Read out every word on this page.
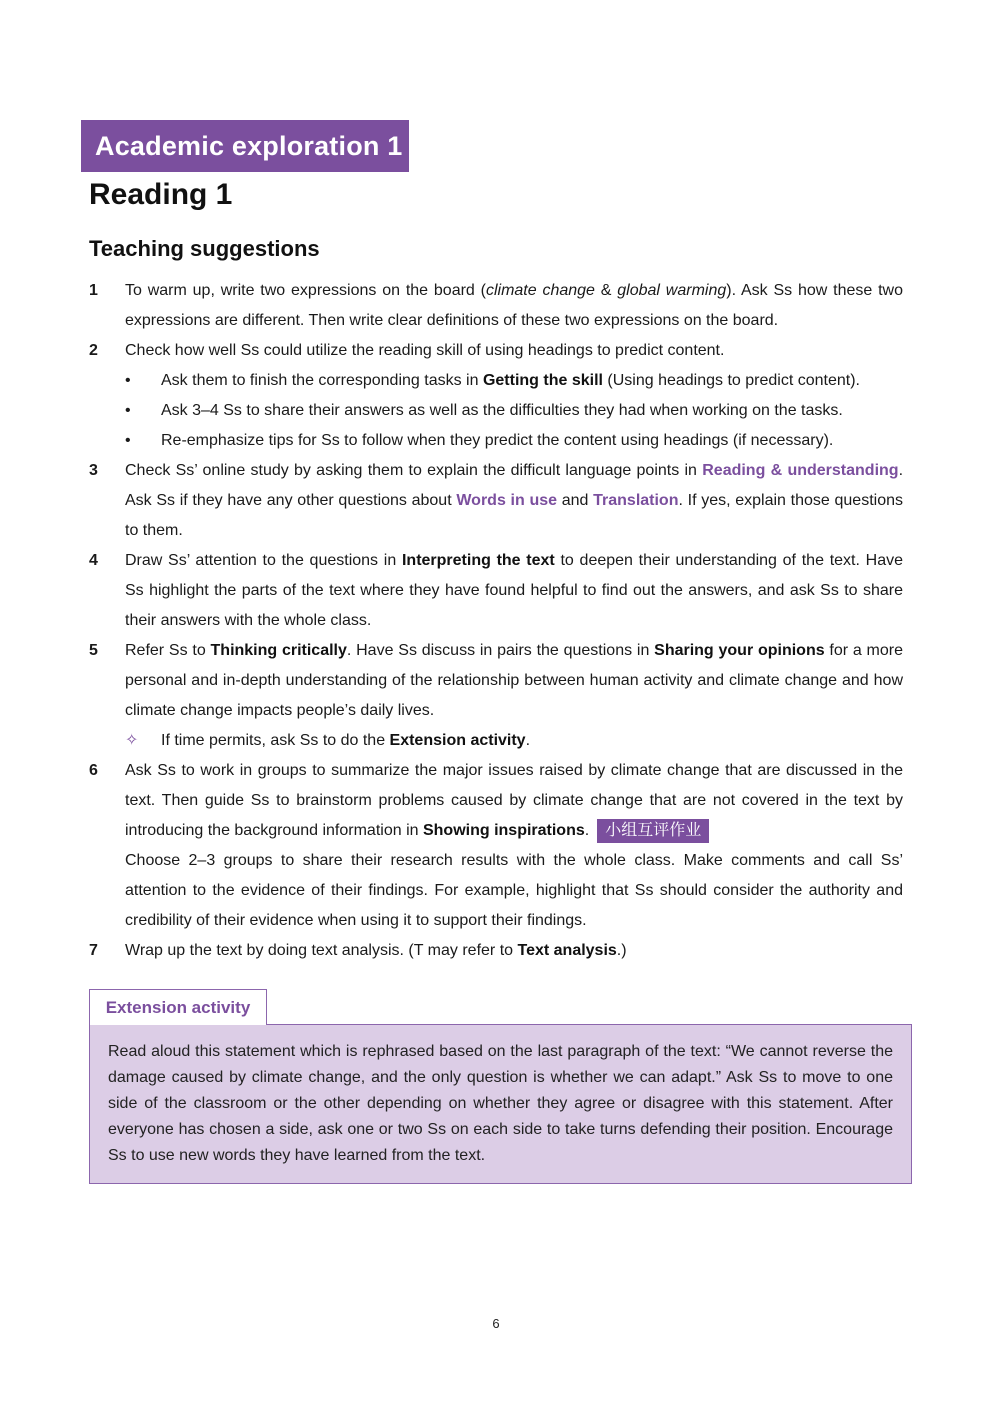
Academic exploration 1
Reading 1
Teaching suggestions
1 To warm up, write two expressions on the board (climate change & global warming). Ask Ss how these two expressions are different. Then write clear definitions of these two expressions on the board.
2 Check how well Ss could utilize the reading skill of using headings to predict content.
• Ask them to finish the corresponding tasks in Getting the skill (Using headings to predict content).
• Ask 3–4 Ss to share their answers as well as the difficulties they had when working on the tasks.
• Re-emphasize tips for Ss to follow when they predict the content using headings (if necessary).
3 Check Ss’ online study by asking them to explain the difficult language points in Reading & understanding. Ask Ss if they have any other questions about Words in use and Translation. If yes, explain those questions to them.
4 Draw Ss’ attention to the questions in Interpreting the text to deepen their understanding of the text. Have Ss highlight the parts of the text where they have found helpful to find out the answers, and ask Ss to share their answers with the whole class.
5 Refer Ss to Thinking critically. Have Ss discuss in pairs the questions in Sharing your opinions for a more personal and in-depth understanding of the relationship between human activity and climate change and how climate change impacts people’s daily lives.
✧ If time permits, ask Ss to do the Extension activity.
6 Ask Ss to work in groups to summarize the major issues raised by climate change that are discussed in the text. Then guide Ss to brainstorm problems caused by climate change that are not covered in the text by introducing the background information in Showing inspirations. 小组互评作业
Choose 2–3 groups to share their research results with the whole class. Make comments and call Ss’ attention to the evidence of their findings. For example, highlight that Ss should consider the authority and credibility of their evidence when using it to support their findings.
7 Wrap up the text by doing text analysis. (T may refer to Text analysis.)
Extension activity
Read aloud this statement which is rephrased based on the last paragraph of the text: “We cannot reverse the damage caused by climate change, and the only question is whether we can adapt.” Ask Ss to move to one side of the classroom or the other depending on whether they agree or disagree with this statement. After everyone has chosen a side, ask one or two Ss on each side to take turns defending their position. Encourage Ss to use new words they have learned from the text.
6
